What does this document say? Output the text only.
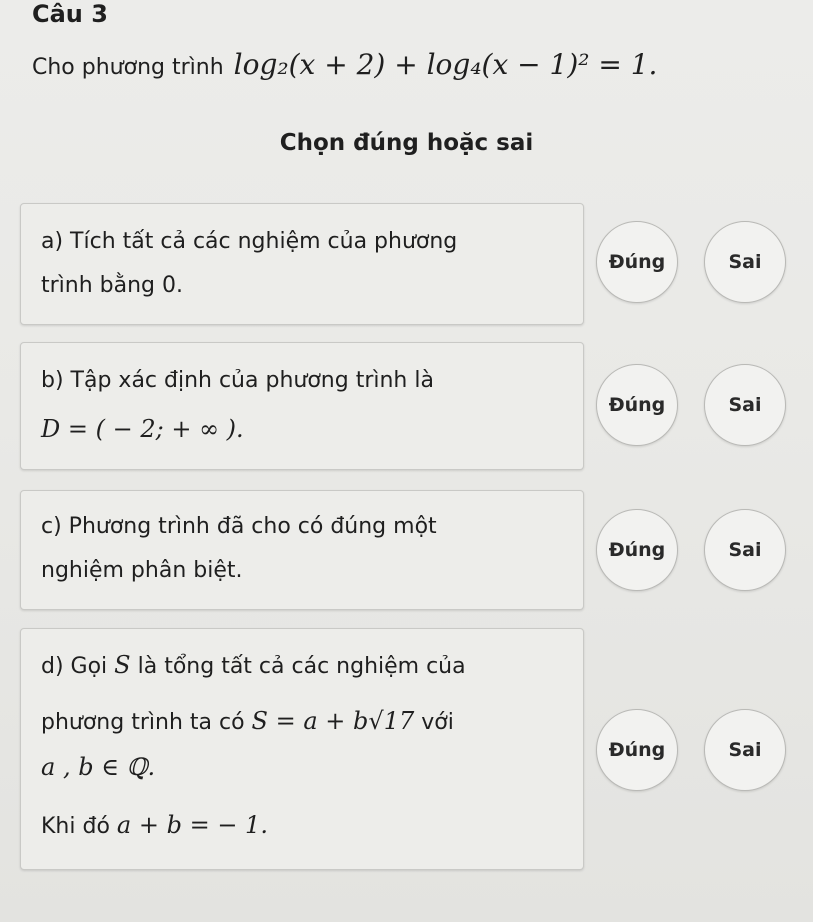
Câu 3
Cho phương trình log₂(x + 2) + log₄(x − 1)² = 1.
Chọn đúng hoặc sai
a) Tích tất cả các nghiệm của phương
trình bằng 0.
Đúng	Sai
b) Tập xác định của phương trình là
D = ( − 2; + ∞ ).
Đúng	Sai
c) Phương trình đã cho có đúng một
nghiệm phân biệt.
Đúng	Sai
d) Gọi S là tổng tất cả các nghiệm của
phương trình ta có S = a + b√17 với
a , b ∈ ℚ.
Khi đó a + b = − 1.
Đúng	Sai
